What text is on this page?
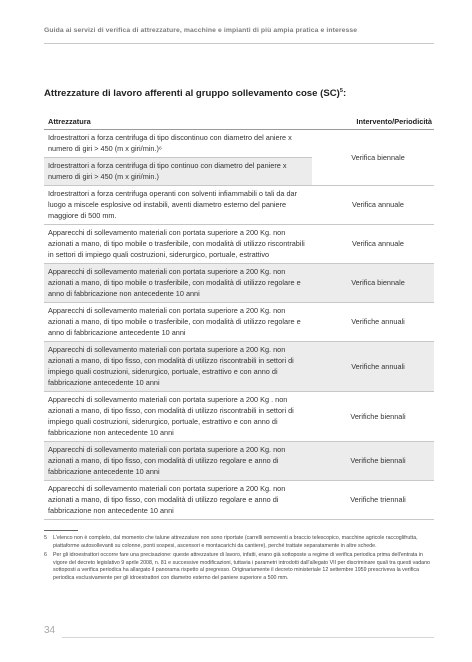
Guida ai servizi di verifica di attrezzature, macchine e impianti di più ampia pratica e interesse
Attrezzature di lavoro afferenti al gruppo sollevamento cose (SC)$^5$:
Attrezzatura	Intervento/Periodicità
Idroestrattori a forza centrifuga di tipo discontinuo con diametro del aniere x numero di giri > 450 (m x giri/min.)⁶	Verifica biennale
Idroestrattori a forza centrifuga di tipo continuo con diametro del paniere x numero di giri > 450 (m x giri/min.)	
Idroestrattori a forza centrifuga operanti con solventi infiammabili o tali da dar luogo a miscele esplosive od instabili, aventi diametro esterno del paniere maggiore di 500 mm.	Verifica annuale
Apparecchi di sollevamento materiali con portata superiore a 200 Kg. non azionati a mano, di tipo mobile o trasferibile, con modalità di utilizzo riscontrabili in settori di impiego quali costruzioni, siderurgico, portuale, estrattivo	Verifica annuale
Apparecchi di sollevamento materiali con portata superiore a 200 Kg. non azionati a mano, di tipo mobile o trasferibile, con modalità di utilizzo regolare e anno di fabbricazione non antecedente 10 anni	Verifica biennale
Apparecchi di sollevamento materiali con portata superiore a 200 Kg. non azionati a mano, di tipo mobile o trasferibile, con modalità di utilizzo regolare e anno di fabbricazione antecedente 10 anni	Verifiche annuali
Apparecchi di sollevamento materiali con portata superiore a 200 Kg. non azionati a mano, di tipo fisso, con modalità di utilizzo riscontrabili in settori di impiego quali costruzioni, siderurgico, portuale, estrattivo e con anno di fabbricazione antecedente 10 anni	Verifiche annuali
Apparecchi di sollevamento materiali con portata superiore a 200 Kg . non azionati a mano, di tipo fisso, con modalità di utilizzo riscontrabili in settori di impiego quali costruzioni, siderurgico, portuale, estrattivo e con anno di fabbricazione non antecedente 10 anni	Verifiche biennali
Apparecchi di sollevamento materiali con portata superiore a 200 Kg. non azionati a mano, di tipo fisso, con modalità di utilizzo regolare e anno di fabbricazione antecedente 10 anni	Verifiche biennali
Apparecchi di sollevamento materiali con portata superiore a 200 Kg. non azionati a mano, di tipo fisso, con modalità di utilizzo regolare e anno di fabbricazione non antecedente 10 anni	Verifiche triennali
5	L'elenco non è completo, dal momento che talune attrezzature non sono riportate (carrelli semoventi a braccio telescopico, macchine agricole raccoglifrutta, piattaforme autosollevanti su colonne, ponti sospesi, ascensori e montacarichi da cantiere), perché trattate separatamente in altre schede.
6	Per gli idroestrattori occorre fare una precisazione: queste attrezzature di lavoro, infatti, erano già sottoposte a regime di verifica periodica prima dell'entrata in vigore del decreto legislativo 9 aprile 2008, n. 81 e successive modificazioni, tuttavia i parametri introdotti dall'allegato VII per discriminare quali tra questi vadano sottoposti a verifica periodica ha allargato il panorama rispetto al pregresso. Originariamente il decreto ministeriale 12 settembre 1959 prescriveva la verifica periodica esclusivamente per gli idroestrattori con diametro esterno del paniere superiore a 500 mm.
34
